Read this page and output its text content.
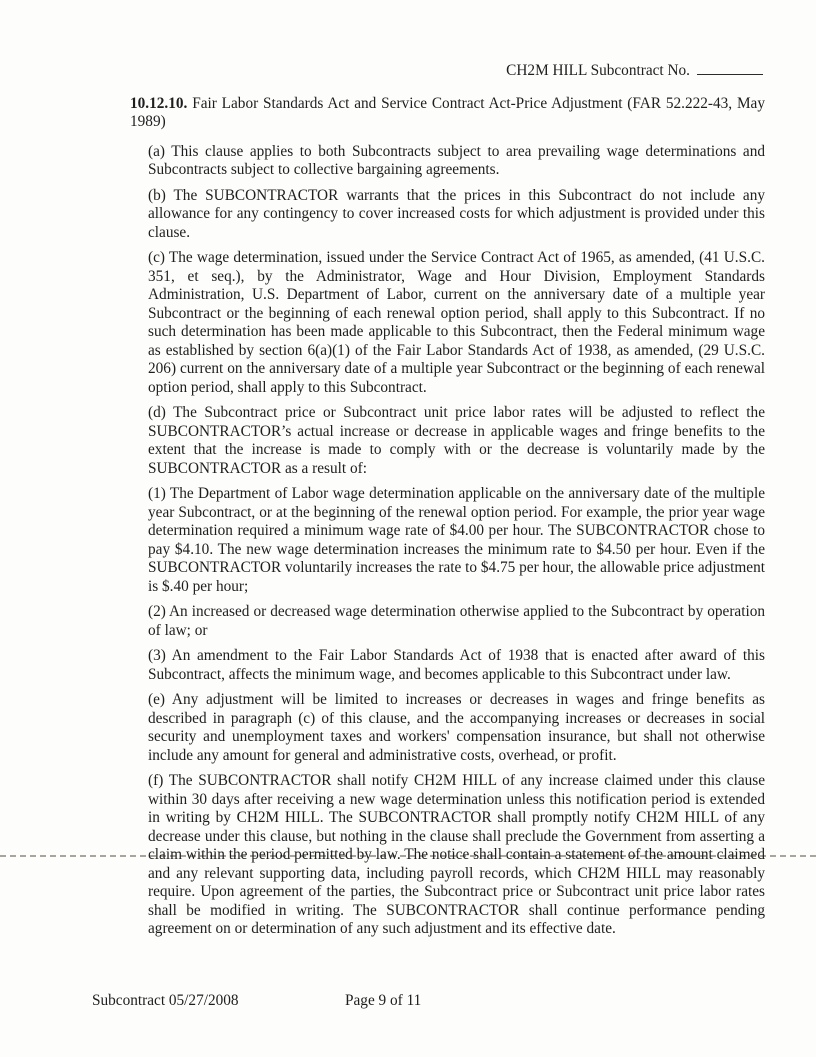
CH2M HILL Subcontract No.
10.12.10. Fair Labor Standards Act and Service Contract Act-Price Adjustment (FAR 52.222-43, May 1989)
(a) This clause applies to both Subcontracts subject to area prevailing wage determinations and Subcontracts subject to collective bargaining agreements.
(b) The SUBCONTRACTOR warrants that the prices in this Subcontract do not include any allowance for any contingency to cover increased costs for which adjustment is provided under this clause.
(c) The wage determination, issued under the Service Contract Act of 1965, as amended, (41 U.S.C. 351, et seq.), by the Administrator, Wage and Hour Division, Employment Standards Administration, U.S. Department of Labor, current on the anniversary date of a multiple year Subcontract or the beginning of each renewal option period, shall apply to this Subcontract. If no such determination has been made applicable to this Subcontract, then the Federal minimum wage as established by section 6(a)(1) of the Fair Labor Standards Act of 1938, as amended, (29 U.S.C. 206) current on the anniversary date of a multiple year Subcontract or the beginning of each renewal option period, shall apply to this Subcontract.
(d) The Subcontract price or Subcontract unit price labor rates will be adjusted to reflect the SUBCONTRACTOR’s actual increase or decrease in applicable wages and fringe benefits to the extent that the increase is made to comply with or the decrease is voluntarily made by the SUBCONTRACTOR as a result of:
(1) The Department of Labor wage determination applicable on the anniversary date of the multiple year Subcontract, or at the beginning of the renewal option period. For example, the prior year wage determination required a minimum wage rate of $4.00 per hour. The SUBCONTRACTOR chose to pay $4.10. The new wage determination increases the minimum rate to $4.50 per hour. Even if the SUBCONTRACTOR voluntarily increases the rate to $4.75 per hour, the allowable price adjustment is $.40 per hour;
(2) An increased or decreased wage determination otherwise applied to the Subcontract by operation of law; or
(3) An amendment to the Fair Labor Standards Act of 1938 that is enacted after award of this Subcontract, affects the minimum wage, and becomes applicable to this Subcontract under law.
(e) Any adjustment will be limited to increases or decreases in wages and fringe benefits as described in paragraph (c) of this clause, and the accompanying increases or decreases in social security and unemployment taxes and workers' compensation insurance, but shall not otherwise include any amount for general and administrative costs, overhead, or profit.
(f) The SUBCONTRACTOR shall notify CH2M HILL of any increase claimed under this clause within 30 days after receiving a new wage determination unless this notification period is extended in writing by CH2M HILL. The SUBCONTRACTOR shall promptly notify CH2M HILL of any decrease under this clause, but nothing in the clause shall preclude the Government from asserting a claim within the period permitted by law. The notice shall contain a statement of the amount claimed and any relevant supporting data, including payroll records, which CH2M HILL may reasonably require. Upon agreement of the parties, the Subcontract price or Subcontract unit price labor rates shall be modified in writing. The SUBCONTRACTOR shall continue performance pending agreement on or determination of any such adjustment and its effective date.
Subcontract 05/27/2008	Page 9 of 11
